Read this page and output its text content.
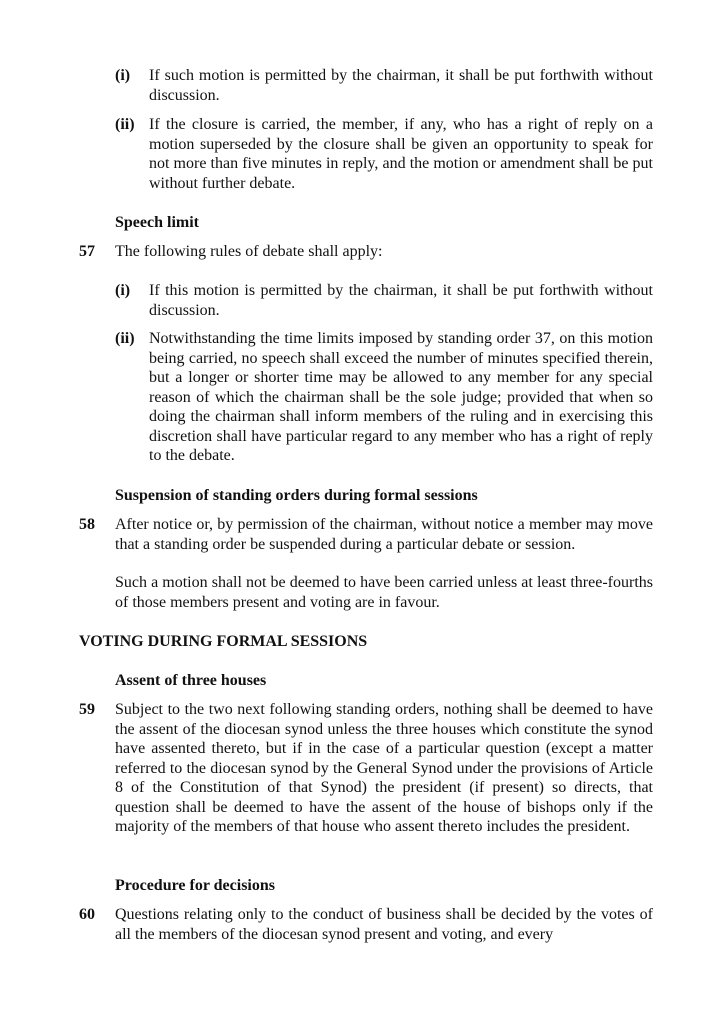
(i) If such motion is permitted by the chairman, it shall be put forthwith without discussion.
(ii) If the closure is carried, the member, if any, who has a right of reply on a motion superseded by the closure shall be given an opportunity to speak for not more than five minutes in reply, and the motion or amendment shall be put without further debate.
Speech limit
57 The following rules of debate shall apply:
(i) If this motion is permitted by the chairman, it shall be put forthwith without discussion.
(ii) Notwithstanding the time limits imposed by standing order 37, on this motion being carried, no speech shall exceed the number of minutes specified therein, but a longer or shorter time may be allowed to any member for any special reason of which the chairman shall be the sole judge; provided that when so doing the chairman shall inform members of the ruling and in exercising this discretion shall have particular regard to any member who has a right of reply to the debate.
Suspension of standing orders during formal sessions
58 After notice or, by permission of the chairman, without notice a member may move that a standing order be suspended during a particular debate or session.
Such a motion shall not be deemed to have been carried unless at least three-fourths of those members present and voting are in favour.
VOTING DURING FORMAL SESSIONS
Assent of three houses
59 Subject to the two next following standing orders, nothing shall be deemed to have the assent of the diocesan synod unless the three houses which constitute the synod have assented thereto, but if in the case of a particular question (except a matter referred to the diocesan synod by the General Synod under the provisions of Article 8 of the Constitution of that Synod) the president (if present) so directs, that question shall be deemed to have the assent of the house of bishops only if the majority of the members of that house who assent thereto includes the president.
Procedure for decisions
60 Questions relating only to the conduct of business shall be decided by the votes of all the members of the diocesan synod present and voting, and every
